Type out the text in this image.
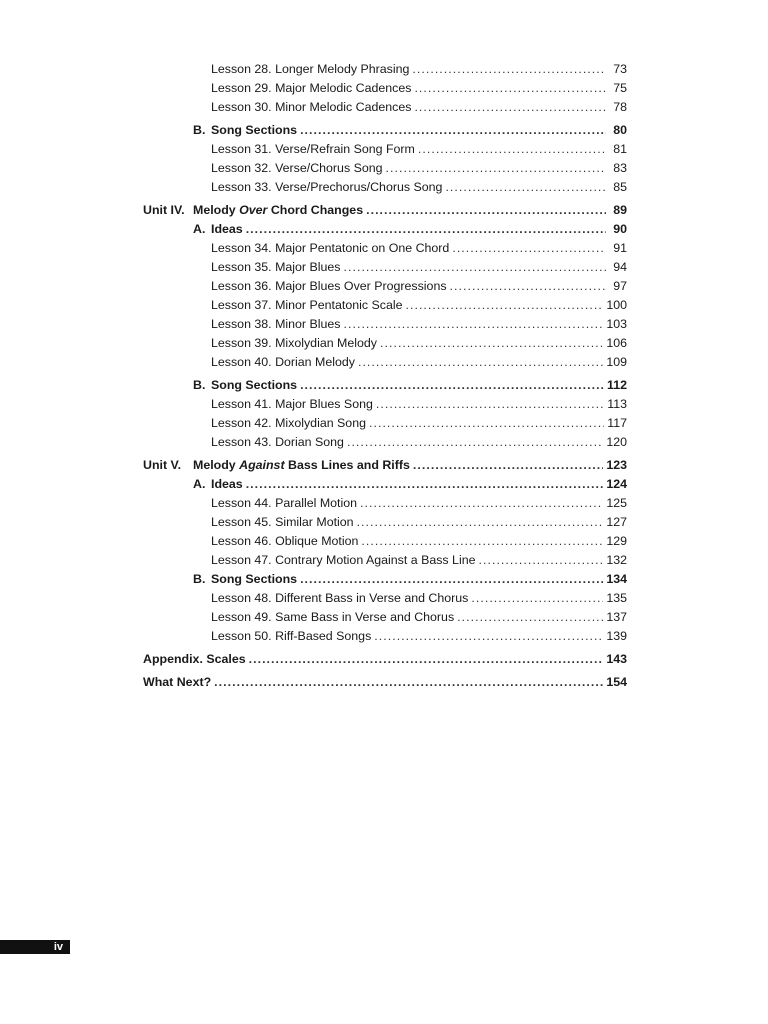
Lesson 28. Longer Melody Phrasing . . .	73
Lesson 29. Major Melodic Cadences . . .	75
Lesson 30. Minor Melodic Cadences . . .	78
B. Song Sections . . .	80
Lesson 31. Verse/Refrain Song Form . . .	81
Lesson 32. Verse/Chorus Song . . .	83
Lesson 33. Verse/Prechorus/Chorus Song . . .	85
Unit IV. Melody Over Chord Changes . . .	89
A. Ideas . . .	90
Lesson 34. Major Pentatonic on One Chord . . .	91
Lesson 35. Major Blues . . .	94
Lesson 36. Major Blues Over Progressions . . .	97
Lesson 37. Minor Pentatonic Scale . . .	100
Lesson 38. Minor Blues . . .	103
Lesson 39. Mixolydian Melody . . .	106
Lesson 40. Dorian Melody . . .	109
B. Song Sections . . .	112
Lesson 41. Major Blues Song . . .	113
Lesson 42. Mixolydian Song . . .	117
Lesson 43. Dorian Song . . .	120
Unit V. Melody Against Bass Lines and Riffs . . .	123
A. Ideas . . .	124
Lesson 44. Parallel Motion . . .	125
Lesson 45. Similar Motion . . .	127
Lesson 46. Oblique Motion . . .	129
Lesson 47. Contrary Motion Against a Bass Line . . .	132
B. Song Sections . . .	134
Lesson 48. Different Bass in Verse and Chorus . . .	135
Lesson 49. Same Bass in Verse and Chorus . . .	137
Lesson 50. Riff-Based Songs . . .	139
Appendix. Scales . . .	143
What Next? . . .	154
iv
